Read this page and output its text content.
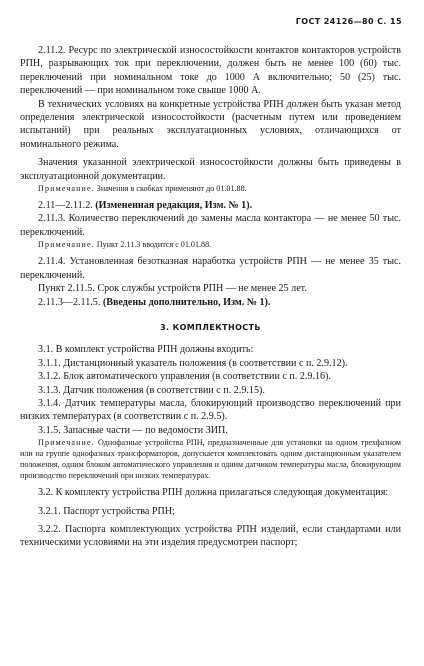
ГОСТ 24126—80 С. 15

2.11.2. Ресурс по электрической износостойкости контактов контакторов устройств РПН, разрывающих ток при переключении, должен быть не менее 100 (60) тыс. переключений при номинальном токе до 1000 А включительно; 50 (25) тыс. переключений — при номинальном токе свыше 1000 А.

В технических условиях на конкретные устройства РПН должен быть указан метод определения электрической износостойкости (расчетным путем или проведением испытаний) при реальных эксплуатационных условиях, отличающихся от номинального режима.

Значения указанной электрической износостойкости должны быть приведены в эксплуатационной документации.

Примечание. Значения в скобках применяют до 01.01.88.

2.11—2.11.2. (Измененная редакция, Изм. № 1).

2.11.3. Количество переключений до замены масла контактора — не менее 50 тыс. переключений.

Примечание. Пункт 2.11.3 вводится с 01.01.88.

2.11.4. Установленная безотказная наработка устройств РПН — не менее 35 тыс. переключений.

Пункт 2.11.5. Срок службы устройств РПН — не менее 25 лет.

2.11.3—2.11.5. (Введены дополнительно, Изм. № 1).

3. КОМПЛЕКТНОСТЬ

3.1. В комплект устройства РПН должны входить:

3.1.1. Дистанционный указатель положения (в соответствии с п. 2.9.12).

3.1.2. Блок автоматического управления (в соответствии с п. 2.9.16).

3.1.3. Датчик положения (в соответствии с п. 2.9.15).

3.1.4. Датчик температуры масла, блокирующий производство переключений при низких температурах (в соответствии с п. 2.9.5).

3.1.5. Запасные части — по ведомости ЗИП.

Примечание. Однофазные устройства РПН, предназначенные для установки на одном трехфазном или на группе однофазных трансформаторов, допускается комплектовать одним дистанционным указателем положения, одним блоком автоматического управления и одним датчиком температуры масла, блокирующим производство переключений при низких температурах.

3.2. К комплекту устройства РПН должна прилагаться следующая документация:

3.2.1. Паспорт устройства РПН;

3.2.2. Паспорта комплектующих устройства РПН изделий, если стандартами или техническими условиями на эти изделия предусмотрен паспорт;
